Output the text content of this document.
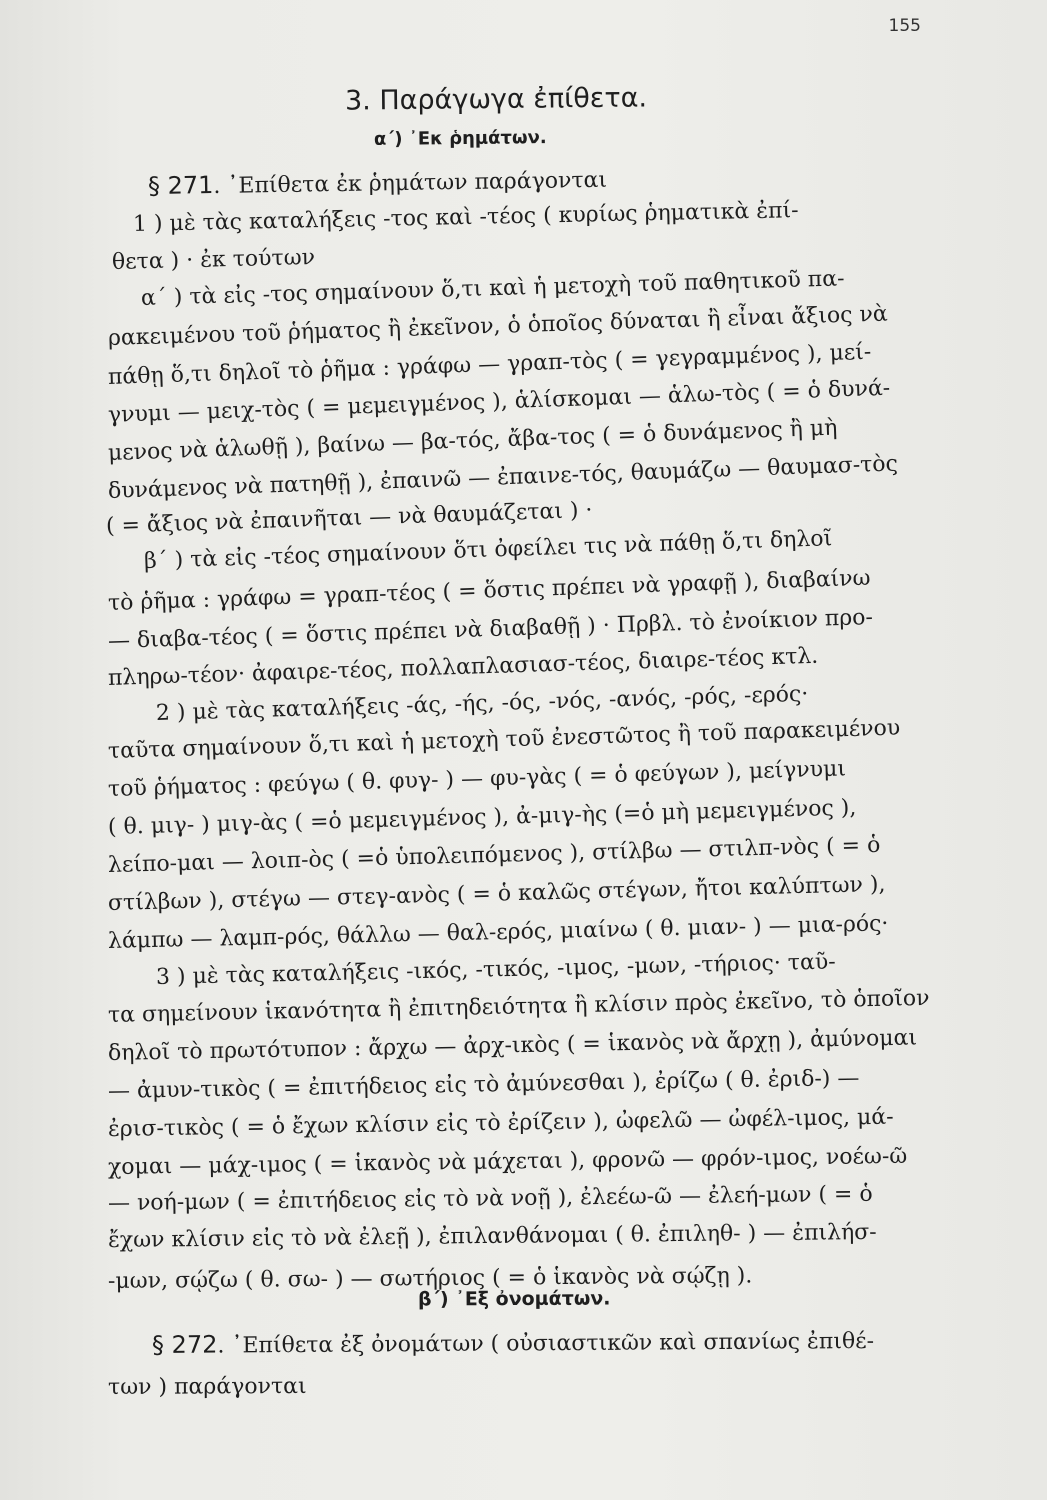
155
3. Παράγωγα ἐπίθετα.
α΄) ᾿Εκ ῥημάτων.
§ 271. ᾿Επίθετα ἐκ ῥημάτων παράγονται
1 ) μὲ τὰς καταλήξεις -τος καὶ -τέος ( κυρίως ῥηματικὰ ἐπί-
θετα ) · ἐκ τούτων
α΄ ) τὰ εἰς -τος σημαίνουν ὅ,τι καὶ ἡ μετοχὴ τοῦ παθητικοῦ πα-
ρακειμένου τοῦ ῥήματος ἢ ἐκεῖνον, ὁ ὁποῖος δύναται ἢ εἶναι ἄξιος νὰ
πάθῃ ὅ,τι δηλοῖ τὸ ῥῆμα : γράφω — γραπ-τὸς ( = γεγραμμένος ), μεί-
γνυμι — μειχ-τὸς ( = μεμειγμένος ), ἁλίσκομαι — ἁλω-τὸς ( = ὁ δυνά-
μενος νὰ ἁλωθῇ ), βαίνω — βα-τός, ἄβα-τος ( = ὁ δυνάμενος ἢ μὴ
δυνάμενος νὰ πατηθῇ ), ἐπαινῶ — ἐπαινε-τός, θαυμάζω — θαυμασ-τὸς
( = ἄξιος νὰ ἐπαινῆται — νὰ θαυμάζεται ) ·
β΄ ) τὰ εἰς -τέος σημαίνουν ὅτι ὀφείλει τις νὰ πάθῃ ὅ,τι δηλοῖ
τὸ ῥῆμα : γράφω = γραπ-τέος ( = ὅστις πρέπει νὰ γραφῇ ), διαβαίνω
— διαβα-τέος ( = ὅστις πρέπει νὰ διαβαθῇ ) · Πρβλ. τὸ ἐνοίκιον προ-
πληρω-τέον· ἀφαιρε-τέος, πολλαπλασιασ-τέος, διαιρε-τέος κτλ.
2 ) μὲ τὰς καταλήξεις -άς, -ής, -ός, -νός, -ανός, -ρός, -ερός·
ταῦτα σημαίνουν ὅ,τι καὶ ἡ μετοχὴ τοῦ ἐνεστῶτος ἢ τοῦ παρακειμένου
τοῦ ῥήματος : φεύγω ( θ. φυγ- ) — φυ-γὰς ( = ὁ φεύγων ), μείγνυμι
( θ. μιγ- ) μιγ-ὰς ( =ὁ μεμειγμένος ), ἀ-μιγ-ὴς (=ὁ μὴ μεμειγμένος ),
λείπο-μαι — λοιπ-ὸς ( =ὁ ὑπολειπόμενος ), στίλβω — στιλπ-νὸς ( = ὁ
στίλβων ), στέγω — στεγ-ανὸς ( = ὁ καλῶς στέγων, ἤτοι καλύπτων ),
λάμπω — λαμπ-ρός, θάλλω — θαλ-ερός, μιαίνω ( θ. μιαν- ) — μια-ρός·
3 ) μὲ τὰς καταλήξεις -ικός, -τικός, -ιμος, -μων, -τήριος· ταῦ-
τα σημείνουν ἱκανότητα ἢ ἐπιτηδειότητα ἢ κλίσιν πρὸς ἐκεῖνο, τὸ ὁποῖον
δηλοῖ τὸ πρωτότυπον : ἄρχω — ἀρχ-ικὸς ( = ἱκανὸς νὰ ἄρχῃ ), ἀμύνομαι
— ἀμυν-τικὸς ( = ἐπιτήδειος εἰς τὸ ἀμύνεσθαι ), ἐρίζω ( θ. ἐριδ-) —
ἐρισ-τικὸς ( = ὁ ἔχων κλίσιν εἰς τὸ ἐρίζειν ), ὠφελῶ — ὠφέλ-ιμος, μά-
χομαι — μάχ-ιμος ( = ἱκανὸς νὰ μάχεται ), φρονῶ — φρόν-ιμος, νοέω-ῶ
— νοή-μων ( = ἐπιτήδειος εἰς τὸ νὰ νοῇ ), ἐλεέω-ῶ — ἐλεή-μων ( = ὁ
ἔχων κλίσιν εἰς τὸ νὰ ἐλεῇ ), ἐπιλανθάνομαι ( θ. ἐπιληθ- ) — ἐπιλήσ-
-μων, σῴζω ( θ. σω- ) — σωτήριος ( = ὁ ἱκανὸς νὰ σῴζῃ ).
β΄) ᾿Εξ ὀνομάτων.
§ 272. ᾿Επίθετα ἐξ ὀνομάτων ( οὐσιαστικῶν καὶ σπανίως ἐπιθέ-
των ) παράγονται
